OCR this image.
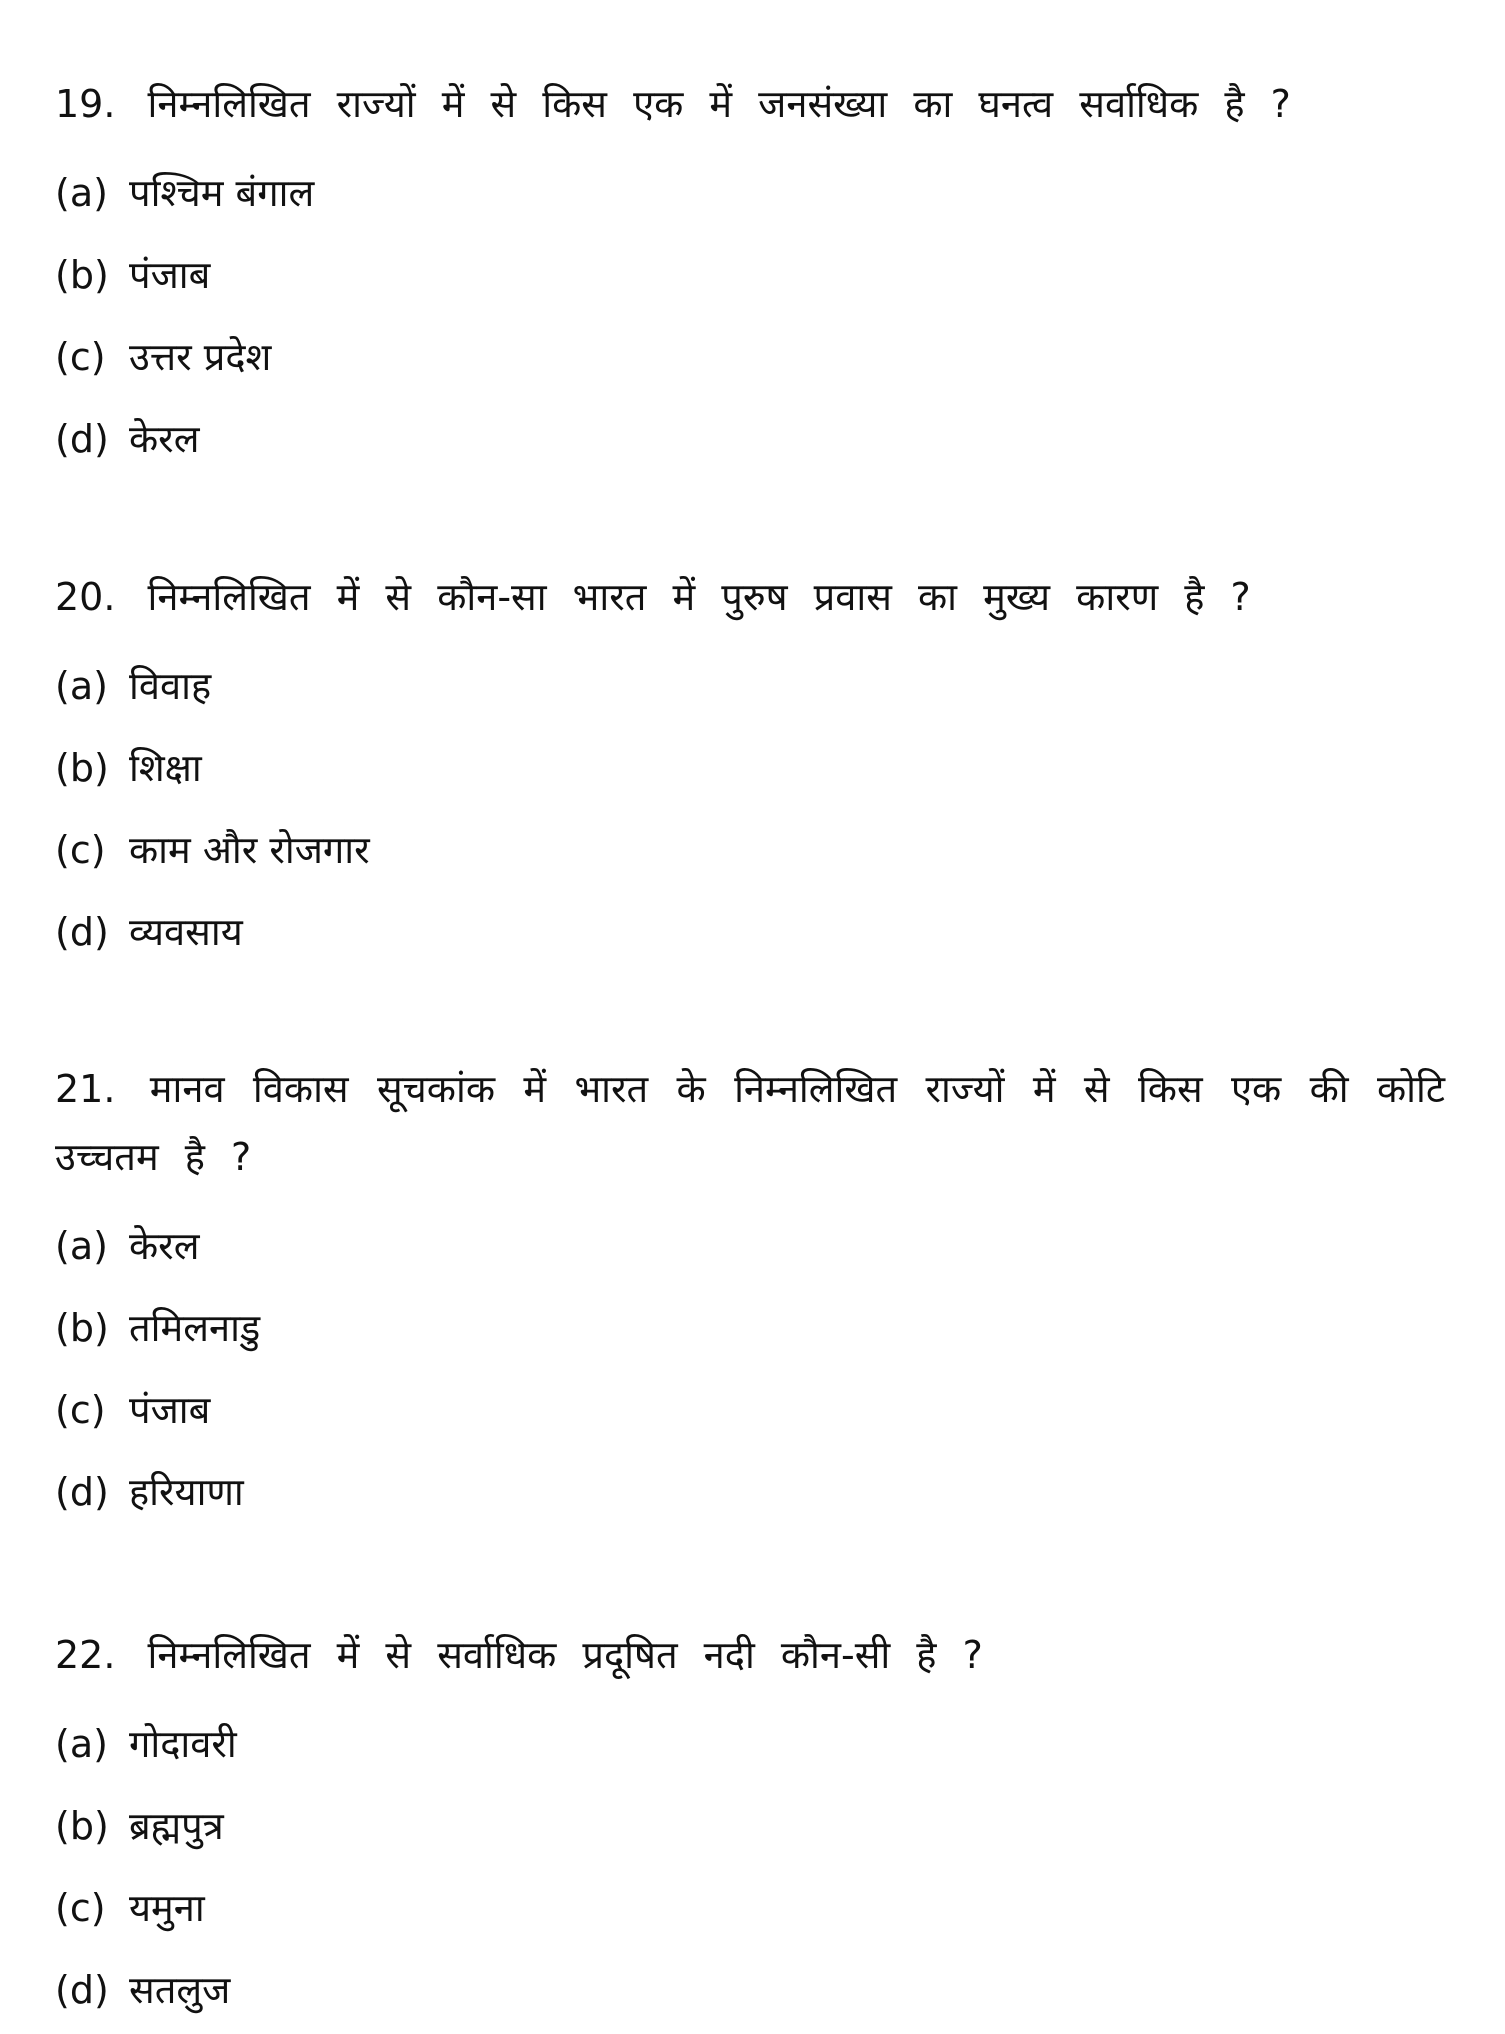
19. निम्नलिखित राज्यों में से किस एक में जनसंख्या का घनत्व सर्वाधिक है ?

(a) पश्चिम बंगाल
(b) पंजाब
(c) उत्तर प्रदेश
(d) केरल

20. निम्नलिखित में से कौन-सा भारत में पुरुष प्रवास का मुख्य कारण है ?

(a) विवाह
(b) शिक्षा
(c) काम और रोजगार
(d) व्यवसाय

21. मानव विकास सूचकांक में भारत के निम्नलिखित राज्यों में से किस एक की कोटि उच्चतम है ?

(a) केरल
(b) तमिलनाडु
(c) पंजाब
(d) हरियाणा

22. निम्नलिखित में से सर्वाधिक प्रदूषित नदी कौन-सी है ?

(a) गोदावरी
(b) ब्रह्मपुत्र
(c) यमुना
(d) सतलुज
